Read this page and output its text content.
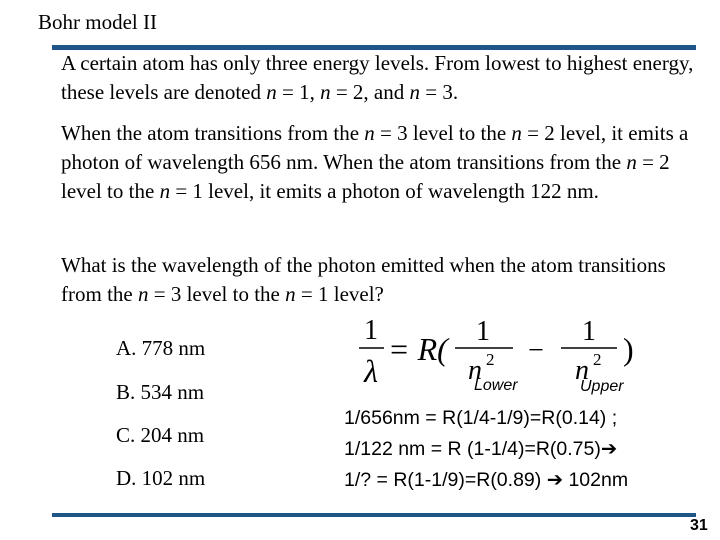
Bohr model II
A certain atom has only three energy levels. From lowest to highest energy, these levels are denoted n = 1, n = 2, and n = 3.
When the atom transitions from the n = 3 level to the n = 2 level, it emits a photon of wavelength 656 nm. When the atom transitions from the n = 2 level to the n = 1 level, it emits a photon of wavelength 122 nm.
What is the wavelength of the photon emitted when the atom transitions from the n = 3 level to the n = 1 level?
A. 778 nm
B. 534 nm
C. 204 nm
D. 102 nm
1
λ
= R( 1
n 2 −
1
n 2 )
Lower	Upper
1/656nm = R(1/4-1/9)=R(0.14) ;
1/122 nm = R (1-1/4)=R(0.75)➔
1/? = R(1-1/9)=R(0.89) ➔ 102nm
31
